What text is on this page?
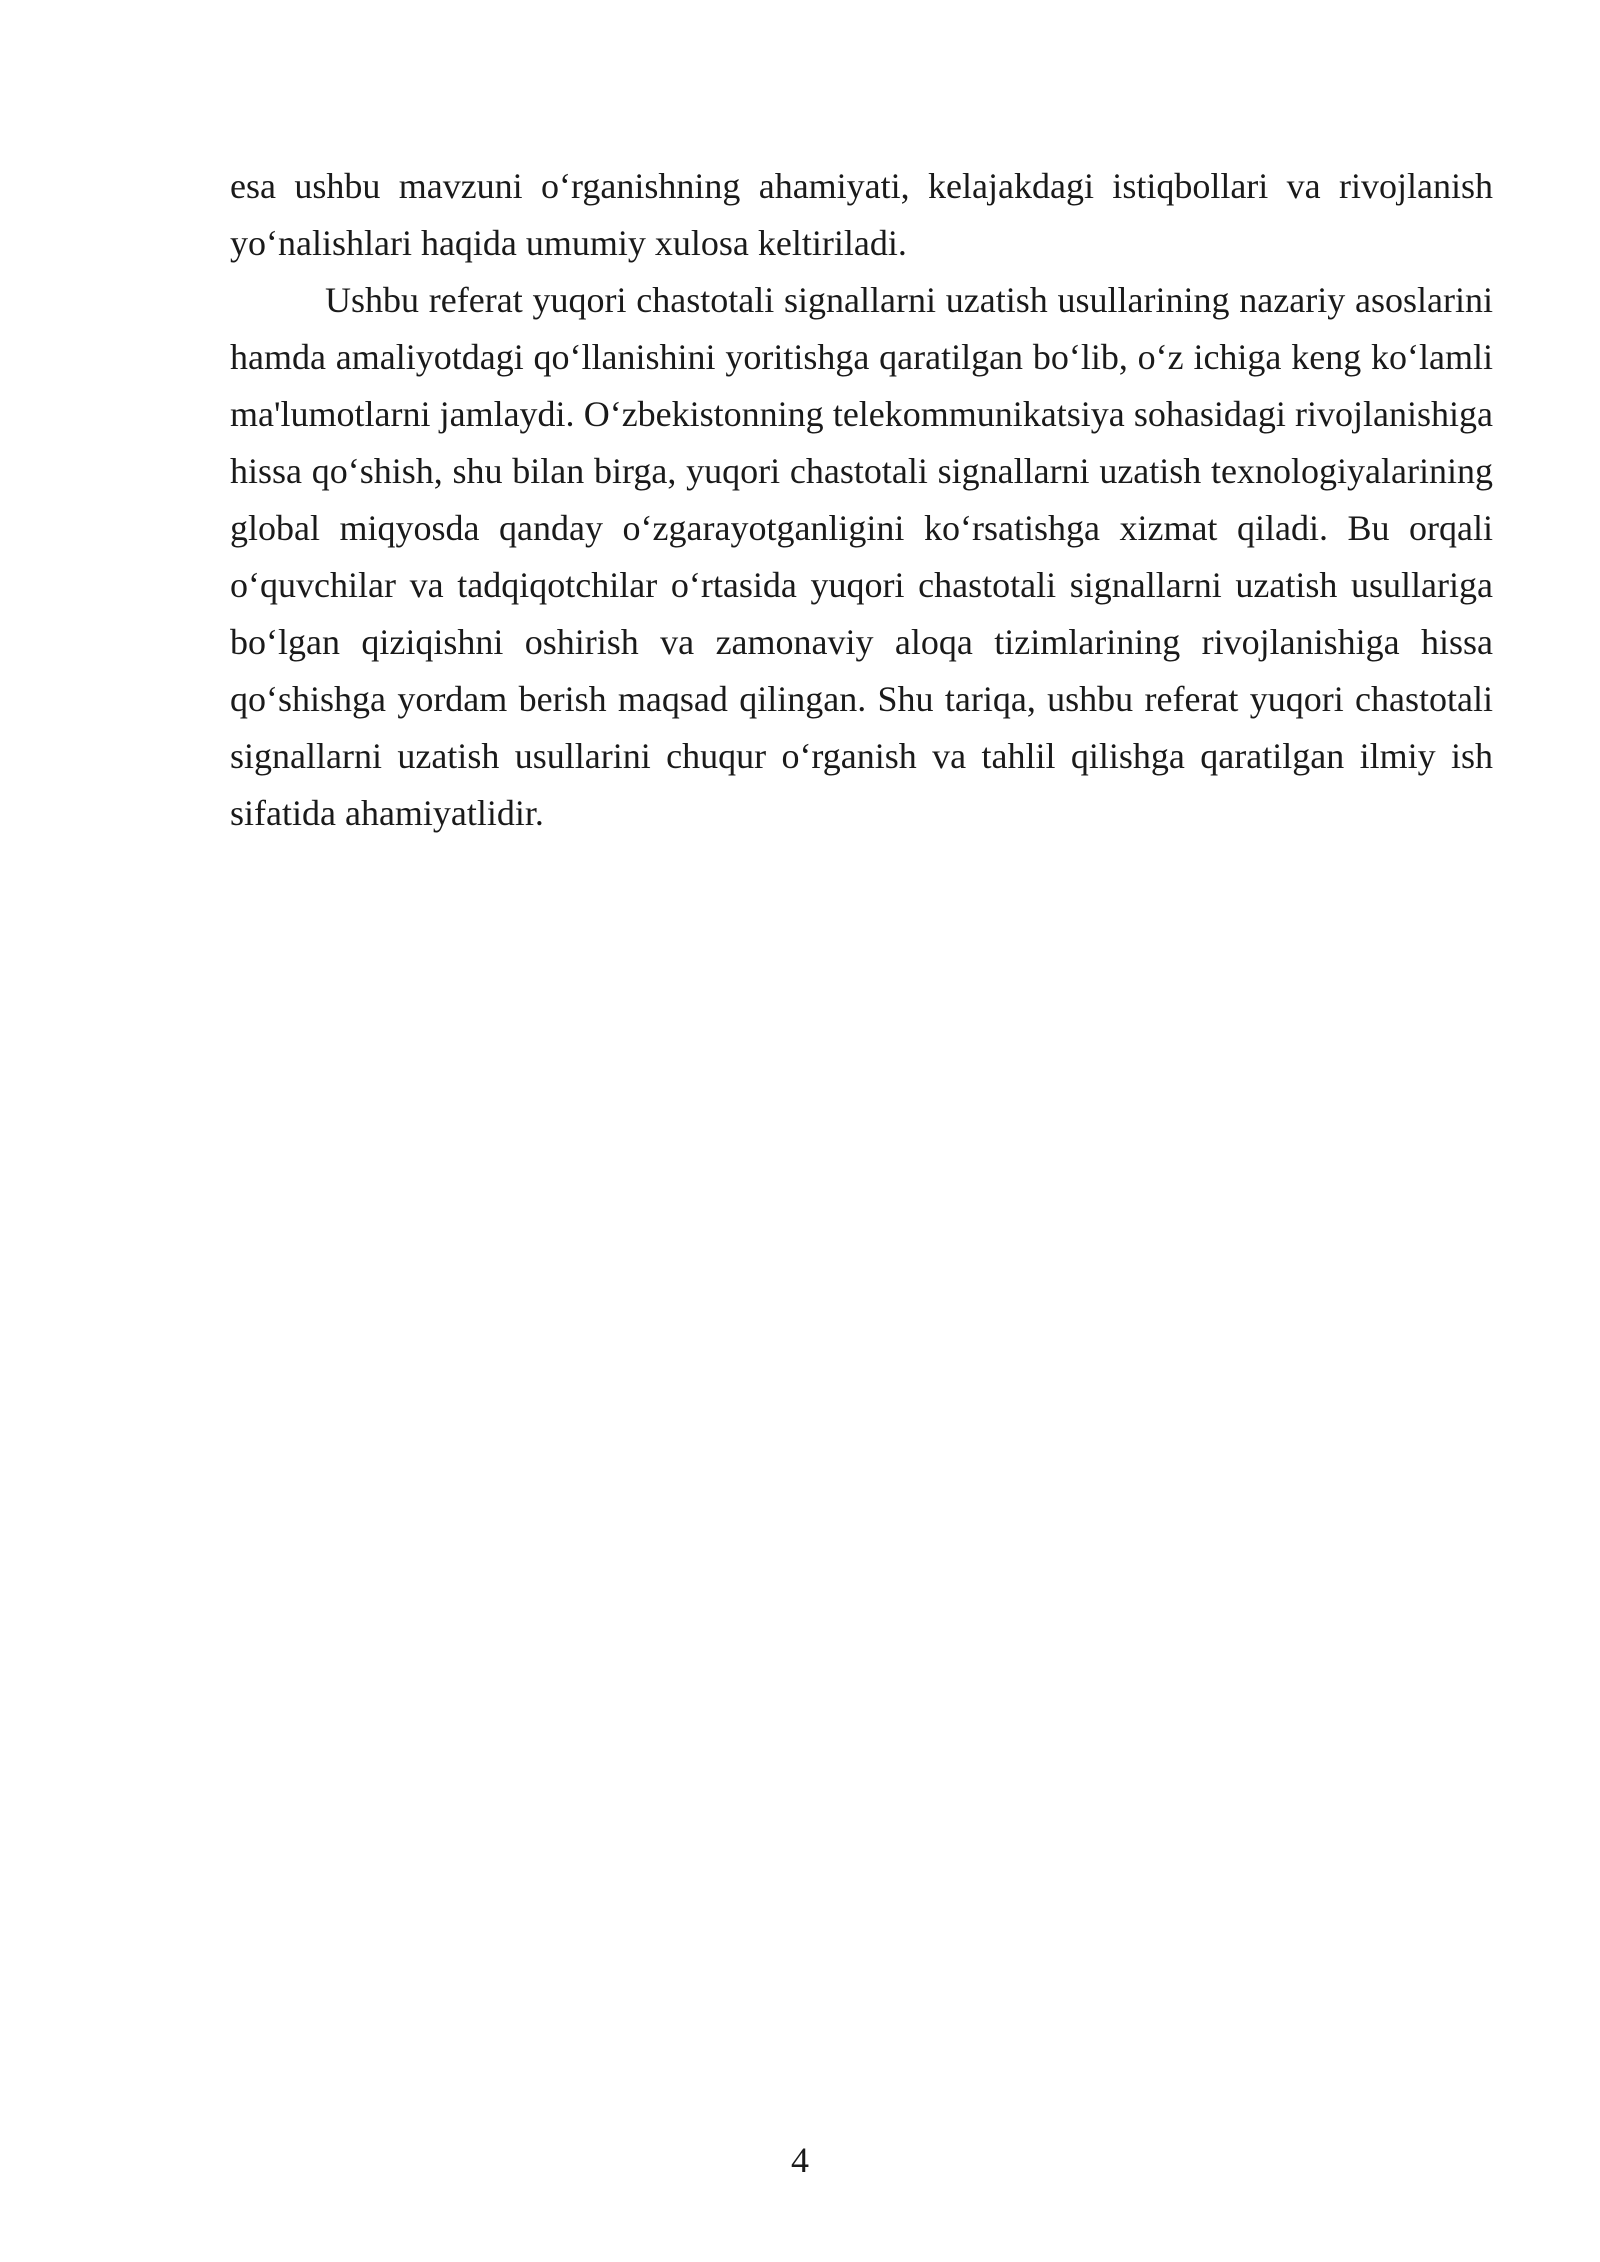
esa ushbu mavzuni o‘rganishning ahamiyati, kelajakdagi istiqbollari va rivojlanish yo‘nalishlari haqida umumiy xulosa keltiriladi.

Ushbu referat yuqori chastotali signallarni uzatish usullarining nazariy asoslarini hamda amaliyotdagi qo‘llanishini yoritishga qaratilgan bo‘lib, o‘z ichiga keng ko‘lamli ma'lumotlarni jamlaydi. O‘zbekistonning telekommunikatsiya sohasidagi rivojlanishiga hissa qo‘shish, shu bilan birga, yuqori chastotali signallarni uzatish texnologiyalarining global miqyosda qanday o‘zgarayotganligini ko‘rsatishga xizmat qiladi. Bu orqali o‘quvchilar va tadqiqotchilar o‘rtasida yuqori chastotali signallarni uzatish usullariga bo‘lgan qiziqishni oshirish va zamonaviy aloqa tizimlarining rivojlanishiga hissa qo‘shishga yordam berish maqsad qilingan. Shu tariqa, ushbu referat yuqori chastotali signallarni uzatish usullarini chuqur o‘rganish va tahlil qilishga qaratilgan ilmiy ish sifatida ahamiyatlidir.

4
